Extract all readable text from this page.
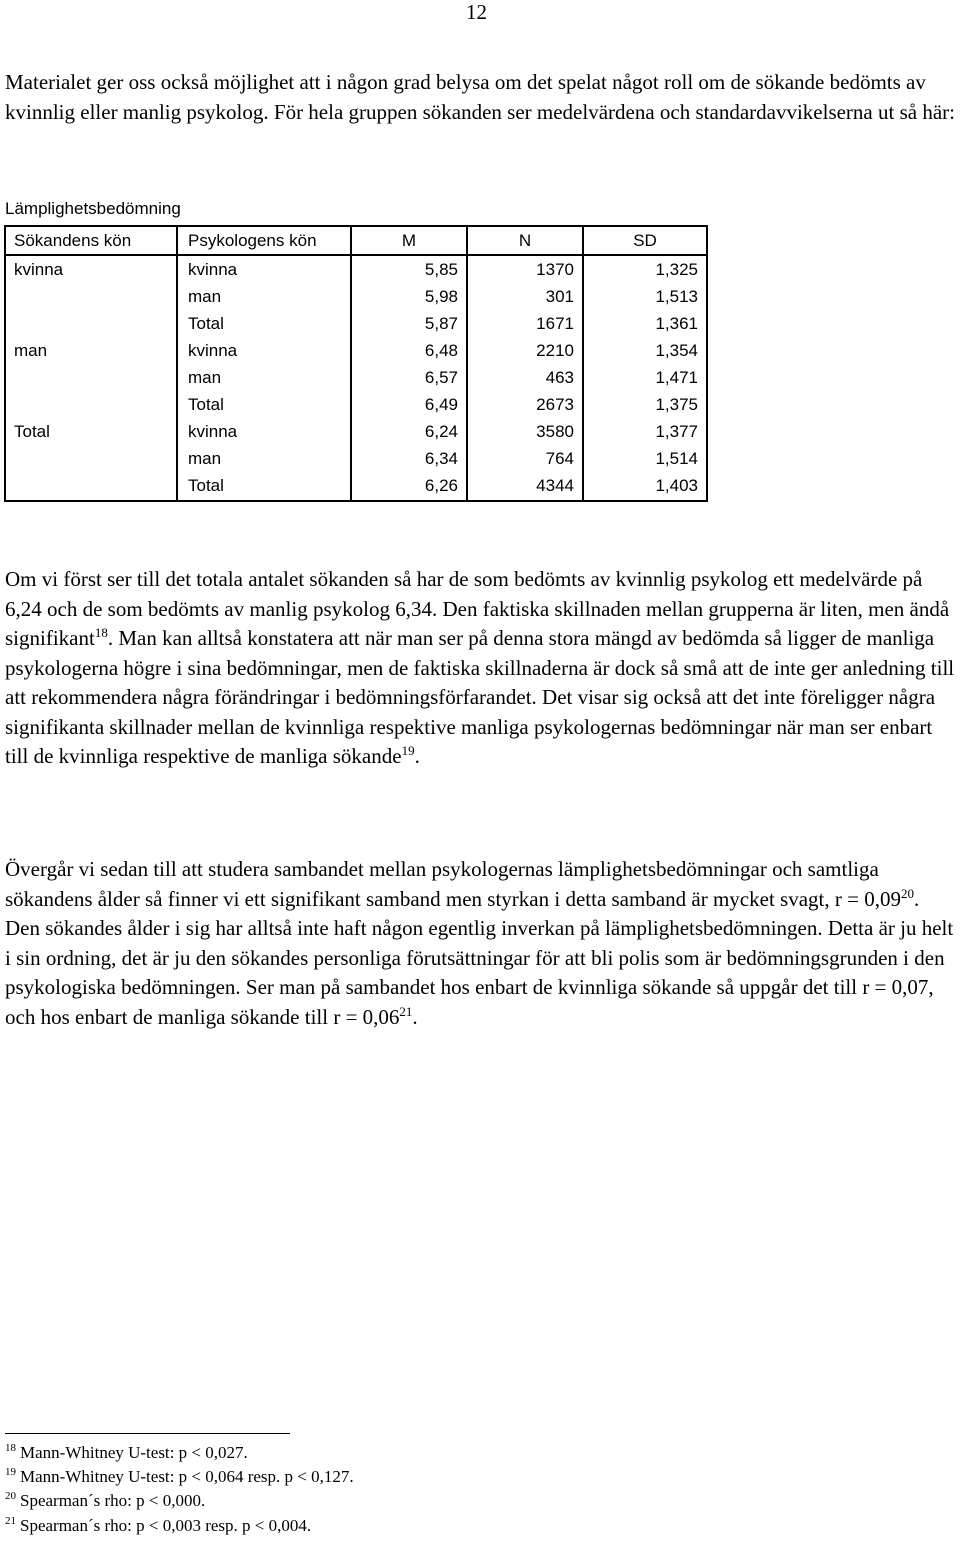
12

Materialet ger oss också möjlighet att i någon grad belysa om det spelat något roll om de sökande bedömts av kvinnlig eller manlig psykolog. För hela gruppen sökanden ser medelvärdena och standardavvikelserna ut så här:

Lämplighetsbedömning
Sökandens kön	Psykologens kön	M	N	SD
kvinna	kvinna	5,85	1370	1,325
	man	5,98	301	1,513
	Total	5,87	1671	1,361
man	kvinna	6,48	2210	1,354
	man	6,57	463	1,471
	Total	6,49	2673	1,375
Total	kvinna	6,24	3580	1,377
	man	6,34	764	1,514
	Total	6,26	4344	1,403

Om vi först ser till det totala antalet sökanden så har de som bedömts av kvinnlig psykolog ett medelvärde på 6,24 och de som bedömts av manlig psykolog 6,34. Den faktiska skillnaden mellan grupperna är liten, men ändå signifikant$^{18}$. Man kan alltså konstatera att när man ser på denna stora mängd av bedömda så ligger de manliga psykologerna högre i sina bedömningar, men de faktiska skillnaderna är dock så små att de inte ger anledning till att rekommendera några förändringar i bedömningsförfarandet. Det visar sig också att det inte föreligger några signifikanta skillnader mellan de kvinnliga respektive manliga psykologernas bedömningar när man ser enbart till de kvinnliga respektive de manliga sökande$^{19}$.

Övergår vi sedan till att studera sambandet mellan psykologernas lämplighetsbedömningar och samtliga sökandens ålder så finner vi ett signifikant samband men styrkan i detta samband är mycket svagt, $r = 0,09^{20}$. Den sökandes ålder i sig har alltså inte haft någon egentlig inverkan på lämplighetsbedömningen. Detta är ju helt i sin ordning, det är ju den sökandes personliga förutsättningar för att bli polis som är bedömningsgrunden i den psykologiska bedömningen. Ser man på sambandet hos enbart de kvinnliga sökande så uppgår det till r = 0,07, och hos enbart de manliga sökande till $r = 0,06^{21}$.

$^{18}$ Mann-Whitney U-test: p < 0,027.
$^{19}$ Mann-Whitney U-test: p < 0,064 resp. p < 0,127.
$^{20}$ Spearman´s rho: p < 0,000.
$^{21}$ Spearman´s rho: p < 0,003 resp. p < 0,004.
